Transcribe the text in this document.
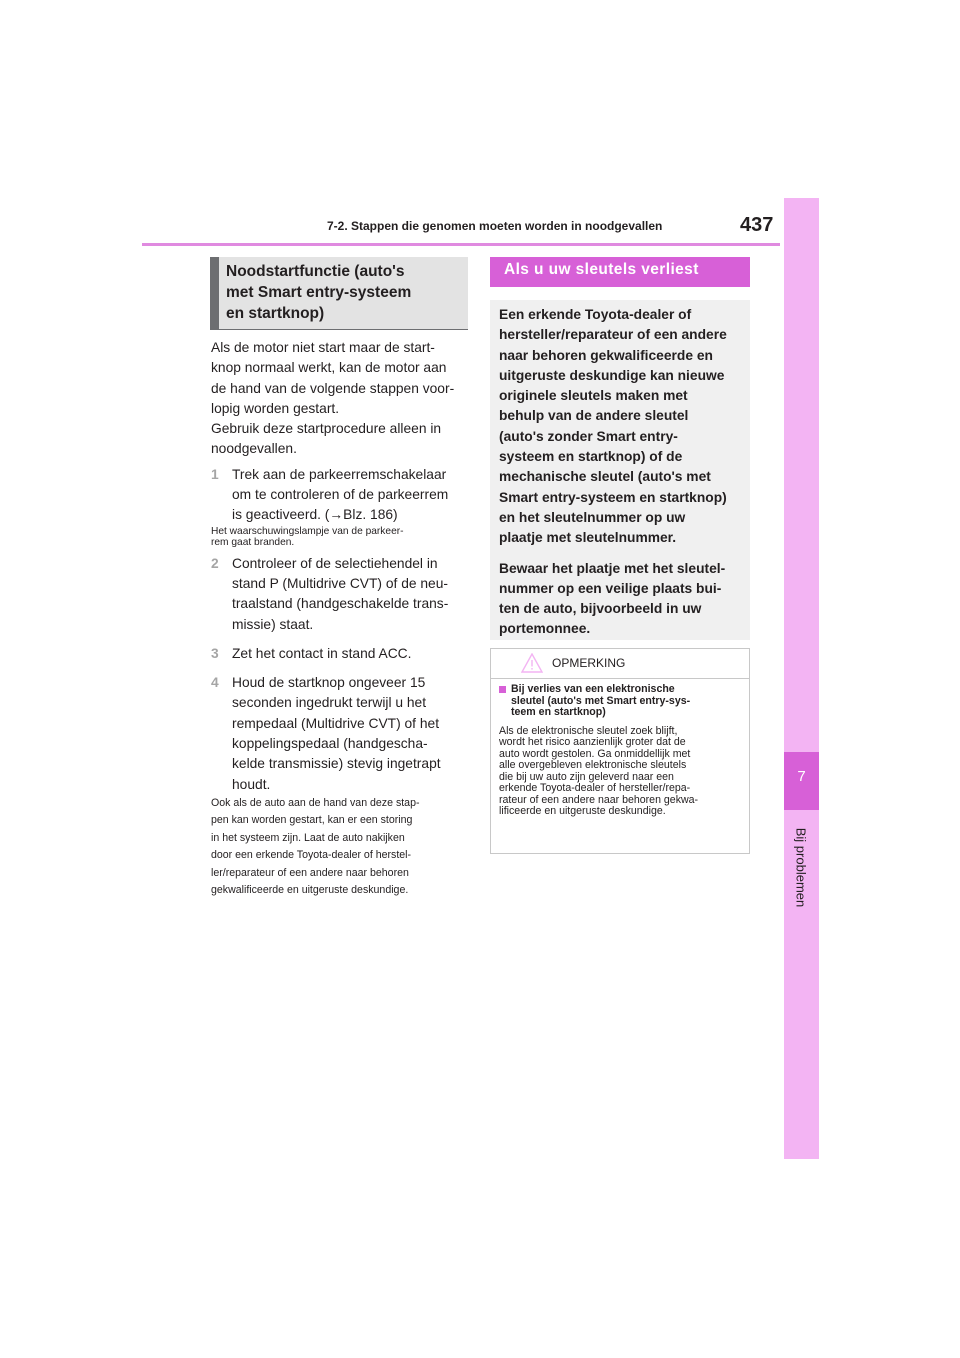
7
Bij problemen
7-2. Stappen die genomen moeten worden in noodgevallen	437
Noodstartfunctie (auto's
met Smart entry-systeem
en startknop)

Als de motor niet start maar de start-
knop normaal werkt, kan de motor aan
de hand van de volgende stappen voor-
lopig worden gestart.
Gebruik deze startprocedure alleen in
noodgevallen.

1 Trek aan de parkeerremschakelaar
om te controleren of de parkeerrem
is geactiveerd. (→Blz. 186)

Het waarschuwingslampje van de parkeer-
rem gaat branden.

2 Controleer of de selectiehendel in
stand P (Multidrive CVT) of de neu-
traalstand (handgeschakelde trans-
missie) staat.
3 Zet het contact in stand ACC.
4 Houd de startknop ongeveer 15
seconden ingedrukt terwijl u het
rempedaal (Multidrive CVT) of het
koppelingspedaal (handgescha-
kelde transmissie) stevig ingetrapt
houdt.

Ook als de auto aan de hand van deze stap-
pen kan worden gestart, kan er een storing
in het systeem zijn. Laat de auto nakijken
door een erkende Toyota-dealer of herstel-
ler/reparateur of een andere naar behoren
gekwalificeerde en uitgeruste deskundige.

Als u uw sleutels verliest

Een erkende Toyota-dealer of
hersteller/reparateur of een andere
naar behoren gekwalificeerde en
uitgeruste deskundige kan nieuwe
originele sleutels maken met
behulp van de andere sleutel
(auto's zonder Smart entry-
systeem en startknop) of de
mechanische sleutel (auto's met
Smart entry-systeem en startknop)
en het sleutelnummer op uw
plaatje met sleutelnummer.

Bewaar het plaatje met het sleutel-
nummer op een veilige plaats bui-
ten de auto, bijvoorbeeld in uw
portemonnee.

OPMERKING
Bij verlies van een elektronische
sleutel (auto's met Smart entry-sys-
teem en startknop)
Als de elektronische sleutel zoek blijft,
wordt het risico aanzienlijk groter dat de
auto wordt gestolen. Ga onmiddellijk met
alle overgebleven elektronische sleutels
die bij uw auto zijn geleverd naar een
erkende Toyota-dealer of hersteller/repa-
rateur of een andere naar behoren gekwa-
lificeerde en uitgeruste deskundige.
